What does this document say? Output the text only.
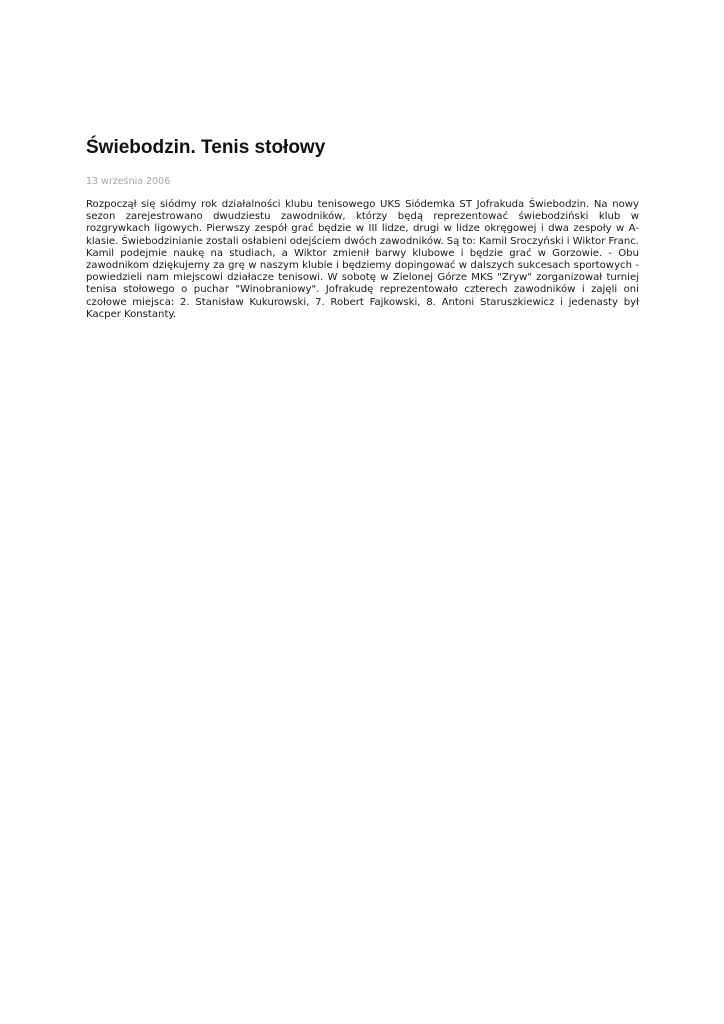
Świebodzin. Tenis stołowy
13 września 2006

Rozpoczął się siódmy rok działalności klubu tenisowego UKS Siódemka ST Jofrakuda Świebodzin. Na nowy sezon zarejestrowano dwudziestu zawodników, którzy będą reprezentować świebodziński klub w rozgrywkach ligowych. Pierwszy zespół grać będzie w III lidze, drugi w lidze okręgowej i dwa zespoły w A-klasie. Świebodzinianie zostali osłabieni odejściem dwóch zawodników. Są to: Kamil Sroczyński i Wiktor Franc. Kamil podejmie naukę na studiach, a Wiktor zmienił barwy klubowe i będzie grać w Gorzowie. - Obu zawodnikom dziękujemy za grę w naszym klubie i będziemy dopingować w dalszych sukcesach sportowych - powiedzieli nam miejscowi działacze tenisowi. W sobotę w Zielonej Górze MKS "Zryw" zorganizował turniej tenisa stołowego o puchar "Winobraniowy". Jofrakudę reprezentowało czterech zawodników i zajęli oni czołowe miejsca: 2. Stanisław Kukurowski, 7. Robert Fajkowski, 8. Antoni Staruszkiewicz i jedenasty był Kacper Konstanty.
